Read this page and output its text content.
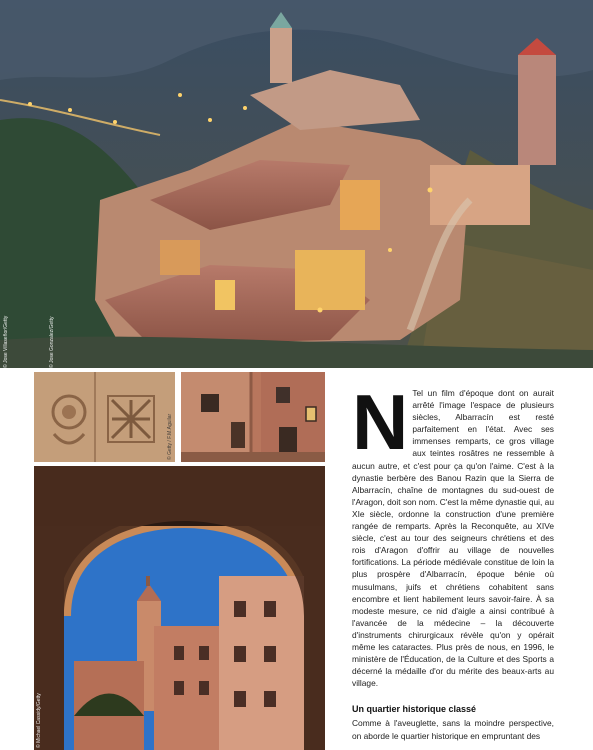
© Jose Villaseñor/Getty	© Jose Gonzalez/Getty
© Getty / F.M.Aguilar
© Michael Cassidy/Getty
N Tel un film d'époque dont on aurait arrêté l'image l'espace de plusieurs siècles, Albarracín est resté parfaitement en l'état. Avec ses immenses remparts, ce gros village aux teintes rosâtres ne ressemble à aucun autre, et c'est pour ça qu'on l'aime. C'est à la dynastie berbère des Banou Razin que la Sierra de Albarracín, chaîne de montagnes du sud-ouest de l'Aragon, doit son nom. C'est la même dynastie qui, au XIe siècle, ordonne la construction d'une première rangée de remparts. Après la Reconquête, au XIVe siècle, c'est au tour des seigneurs chrétiens et des rois d'Aragon d'offrir au village de nouvelles fortifications. La période médiévale constitue de loin la plus prospère d'Albarracín, époque bénie où musulmans, juifs et chrétiens cohabitent sans encombre et lient habilement leurs savoir-faire. À sa modeste mesure, ce nid d'aigle a ainsi contribué à l'avancée de la médecine – la découverte d'instruments chirurgicaux révèle qu'on y opérait même les cataractes. Plus près de nous, en 1996, le ministère de l'Éducation, de la Culture et des Sports a décerné la médaille d'or du mérite des beaux-arts au village.

Un quartier historique classé

Comme à l'aveuglette, sans la moindre perspective, on aborde le quartier historique en empruntant des
